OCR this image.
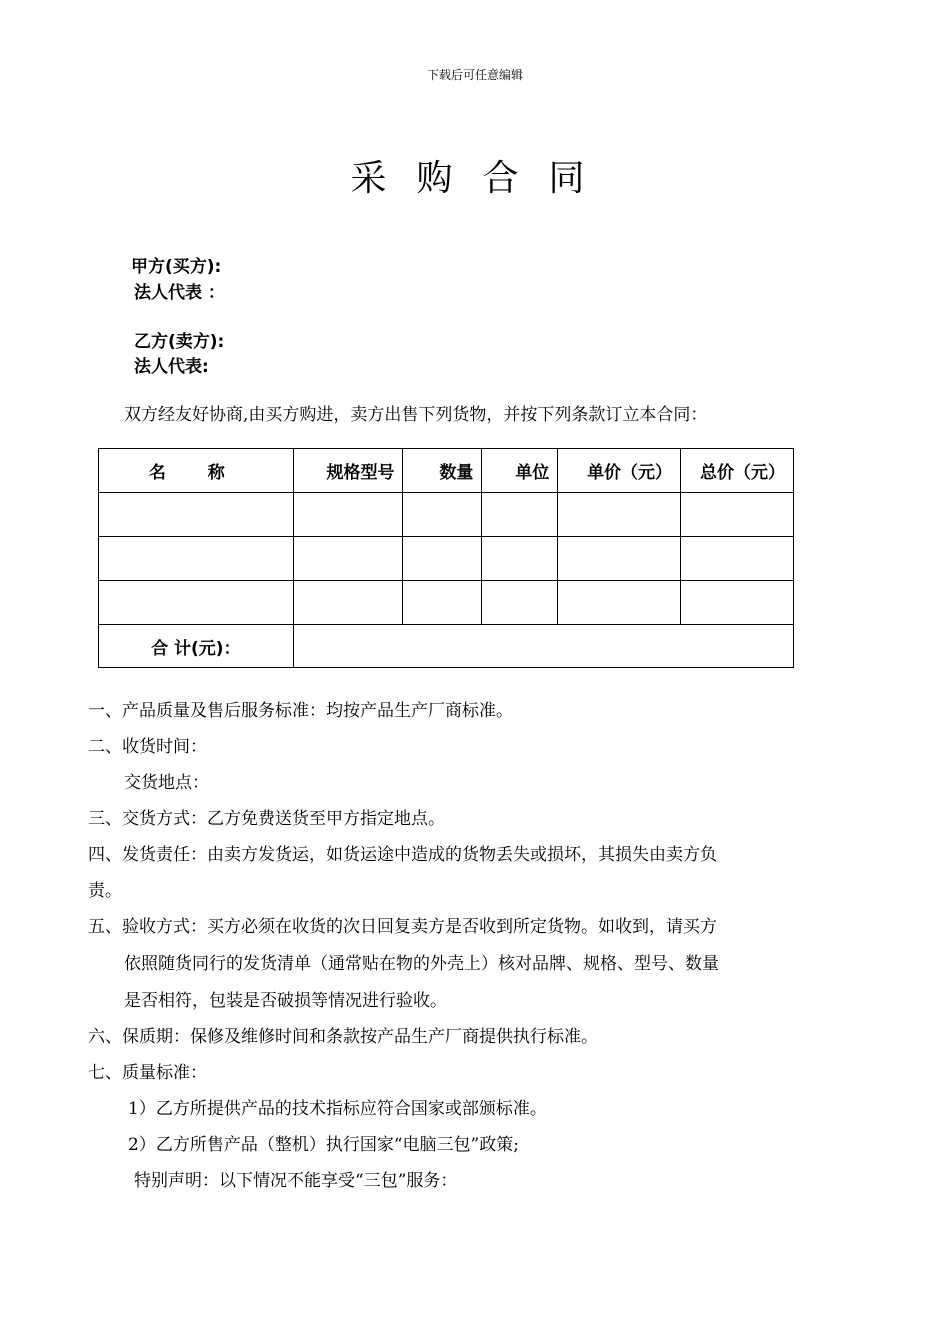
下载后可任意编辑
采购合同
甲方(买方):
法人代表 ：
乙方(卖方):
法人代表:
双方经友好协商,由买方购进，卖方出售下列货物，并按下列条款订立本合同：
名 称	规格型号	数量	单位	单价（元）	总价（元）

合 计(元)：					
一、产品质量及售后服务标准：均按产品生产厂商标准。
二、收货时间：
交货地点：
三、交货方式：乙方免费送货至甲方指定地点。
四、发货责任：由卖方发货运，如货运途中造成的货物丢失或损坏，其损失由卖方负
责。
五、验收方式：买方必须在收货的次日回复卖方是否收到所定货物。如收到，请买方
依照随货同行的发货清单（通常贴在物的外壳上）核对品牌、规格、型号、数量
是否相符，包装是否破损等情况进行验收。
六、保质期：保修及维修时间和条款按产品生产厂商提供执行标准。
七、质量标准：
1）乙方所提供产品的技术指标应符合国家或部颁标准。
2）乙方所售产品（整机）执行国家“电脑三包”政策;
特别声明：以下情况不能享受“三包”服务：
